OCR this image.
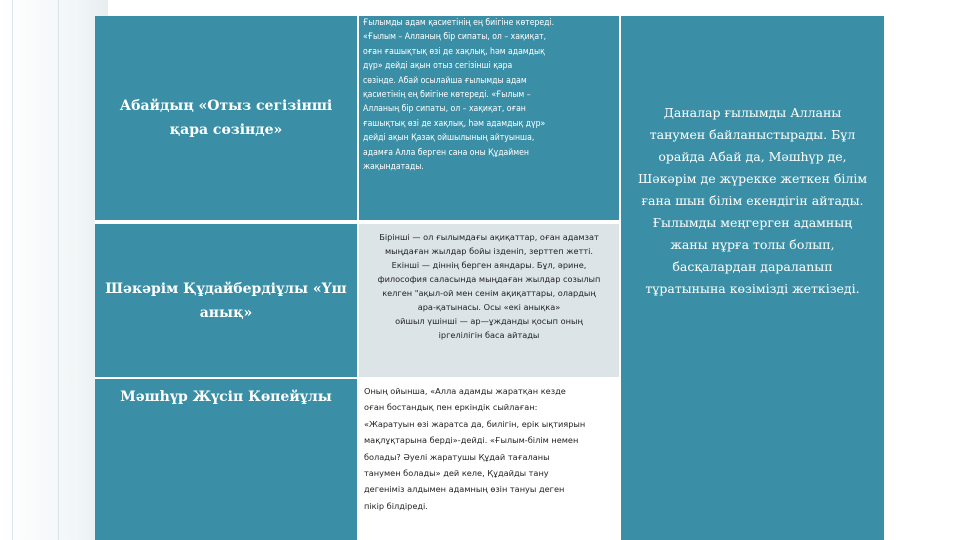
Абайдың «Отыз сегізінші қара сөзінде»
Шәкәрім Құдайбердіұлы «Үш анық»
Мәшһүр Жүсіп Көпейұлы
Ғылымды адам қасиетінің ең биігіне көтереді.
«Ғылым – Алланың бір сипаты, ол – хақиқат,
оған ғашықтық өзі де хақлық, һәм адамдық
дүр» дейді ақын отыз сегізінші қара
сөзінде. Абай осылайша ғылымды адам
қасиетінің ең биігіне көтереді. «Ғылым –
Алланың бір сипаты, ол – хақиқат, оған
ғашықтық өзі де хақлық, һәм адамдық дүр»
дейді ақын Қазақ ойшылының айтуынша,
адамға Алла берген сана оны Құдаймен
жақындатады.
Бірінші — ол ғылымдағы ақиқаттар, оған адамзат
мыңдаған жылдар бойы ізденіп, зерттеп жетті.
Екінші — діннің берген аяндары. Бұл, әрине,
философия саласында мыңдаған жылдар созылып
келген "ақыл-ой мен сенім ақиқаттары, олардың
ара-қатынасы. Осы «екі анықка»
ойшыл үшінші — ар—ұжданды қосып оның
іргелілігін баса айтады
Оның ойынша, «Алла адамды жаратқан кезде
оған бостандық пен еркіндік сыйлаған:
«Жаратуын өзі жаратса да, билігін, ерік ықтиярын
мақлұқтарына берді»-дейді. «Ғылым-білім немен
болады? Әуелі жаратушы Құдай тағаланы
танумен болады» дей келе, Құдайды тану
дегеніміз алдымен адамның өзін тануы деген
пікір білдіреді.
Даналар ғылымды Алланы
танумен байланыстырады. Бұл
орайда Абай да, Мәшһүр де,
Шәкәрім де жүрекке жеткен білім
ғана шын білім екендігін айтады.
Ғылымды меңгерген адамның
жаны нұрға толы болып,
басқалардан даралanып
тұратынына көзімізді жеткізеді.
